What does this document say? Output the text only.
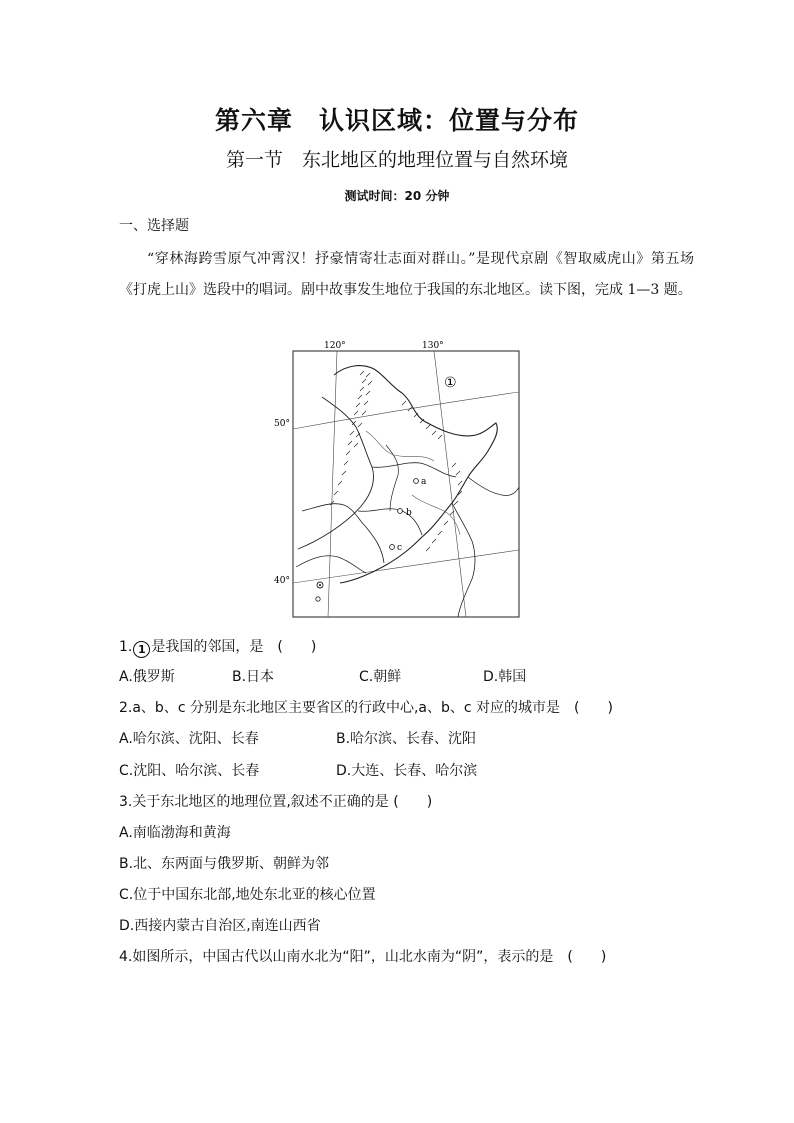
第六章　认识区域：位置与分布
第一节　东北地区的地理位置与自然环境
测试时间：20 分钟
一、选择题
“穿林海跨雪原气冲霄汉！抒豪情寄壮志面对群山。”是现代京剧《智取威虎山》第五场《打虎上山》选段中的唱词。剧中故事发生地位于我国的东北地区。读下图，完成 1—3 题。
120°	130°
50°
40°
a
b
c
①
1. 1 是我国的邻国，是　(　　)
A.俄罗斯	B.日本	C.朝鲜	D.韩国
2.a、b、c 分别是东北地区主要省区的行政中心,a、b、c 对应的城市是　(　　)
A.哈尔滨、沈阳、长春	B.哈尔滨、长春、沈阳
C.沈阳、哈尔滨、长春	D.大连、长春、哈尔滨
3.关于东北地区的地理位置,叙述不正确的是 (　　)
A.南临渤海和黄海
B.北、东两面与俄罗斯、朝鲜为邻
C.位于中国东北部,地处东北亚的核心位置
D.西接内蒙古自治区,南连山西省
4.如图所示，中国古代以山南水北为“阳”，山北水南为“阴”，表示的是　(　　)
